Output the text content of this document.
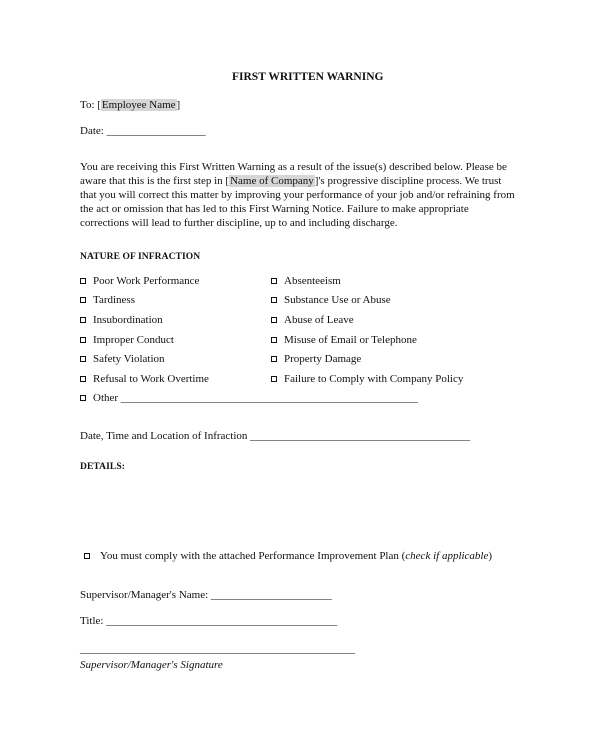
FIRST WRITTEN WARNING
To: [Employee Name]
Date: __________________
You are receiving this First Written Warning as a result of the issue(s) described below. Please be aware that this is the first step in [Name of Company]'s progressive discipline process. We trust that you will correct this matter by improving your performance of your job and/or refraining from the act or omission that has led to this First Warning Notice. Failure to make appropriate corrections will lead to further discipline, up to and including discharge.
NATURE OF INFRACTION
Poor Work Performance
Tardiness
Insubordination
Improper Conduct
Safety Violation
Refusal to Work Overtime
Absenteeism
Substance Use or Abuse
Abuse of Leave
Misuse of Email or Telephone
Property Damage
Failure to Comply with Company Policy
Other ______________________________________________________
Date, Time and Location of Infraction ________________________________________
DETAILS:
You must comply with the attached Performance Improvement Plan (check if applicable)
Supervisor/Manager's Name: ______________________
Title: __________________________________________
__________________________________________________
Supervisor/Manager's Signature
